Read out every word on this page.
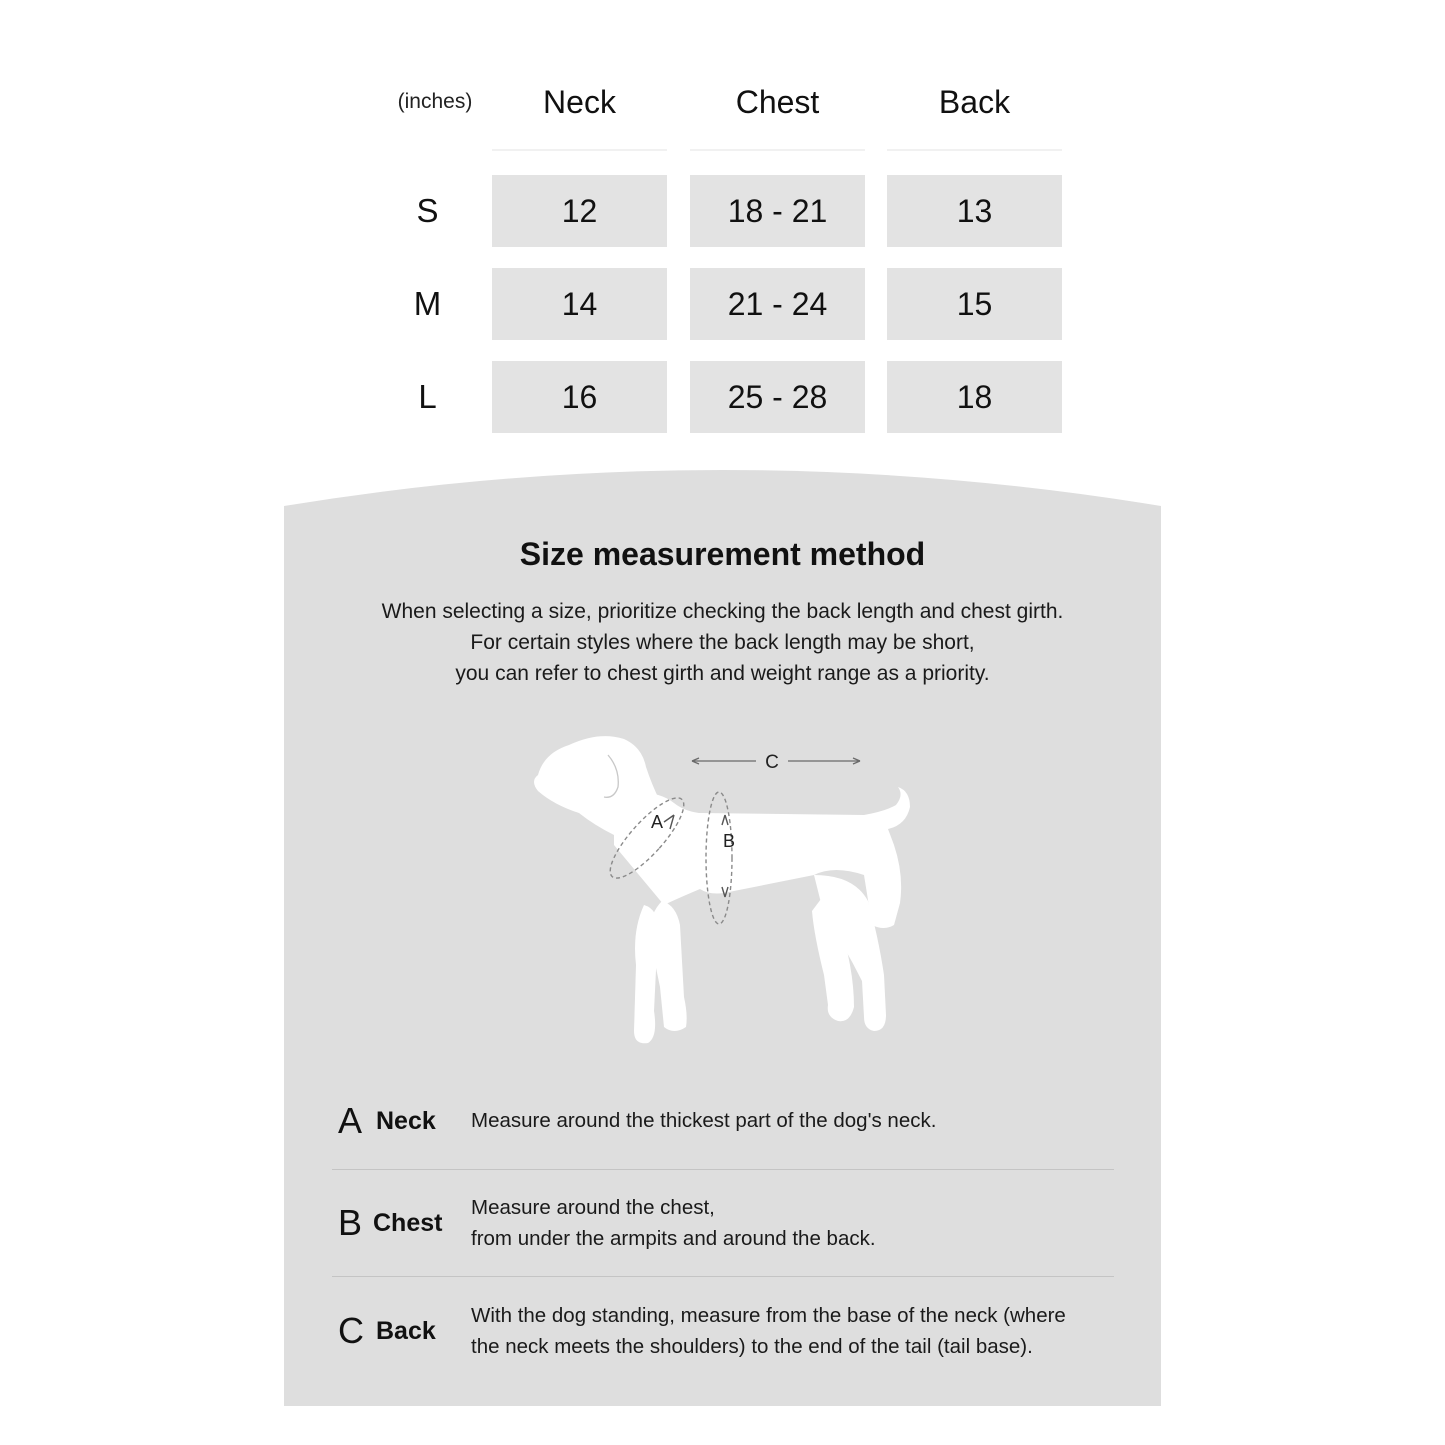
(inches)	Neck	Chest	Back
S	12	18 - 21	13
M	14	21 - 24	15
L	16	25 - 28	18
Size measurement method
When selecting a size, prioritize checking the back length and chest girth.
For certain styles where the back length may be short,
you can refer to chest girth and weight range as a priority.
C
A
B
A Neck Measure around the thickest part of the dog's neck.
B Chest
Measure around the chest,
from under the armpits and around the back.
C Back
With the dog standing, measure from the base of the neck (where
the neck meets the shoulders) to the end of the tail (tail base).
